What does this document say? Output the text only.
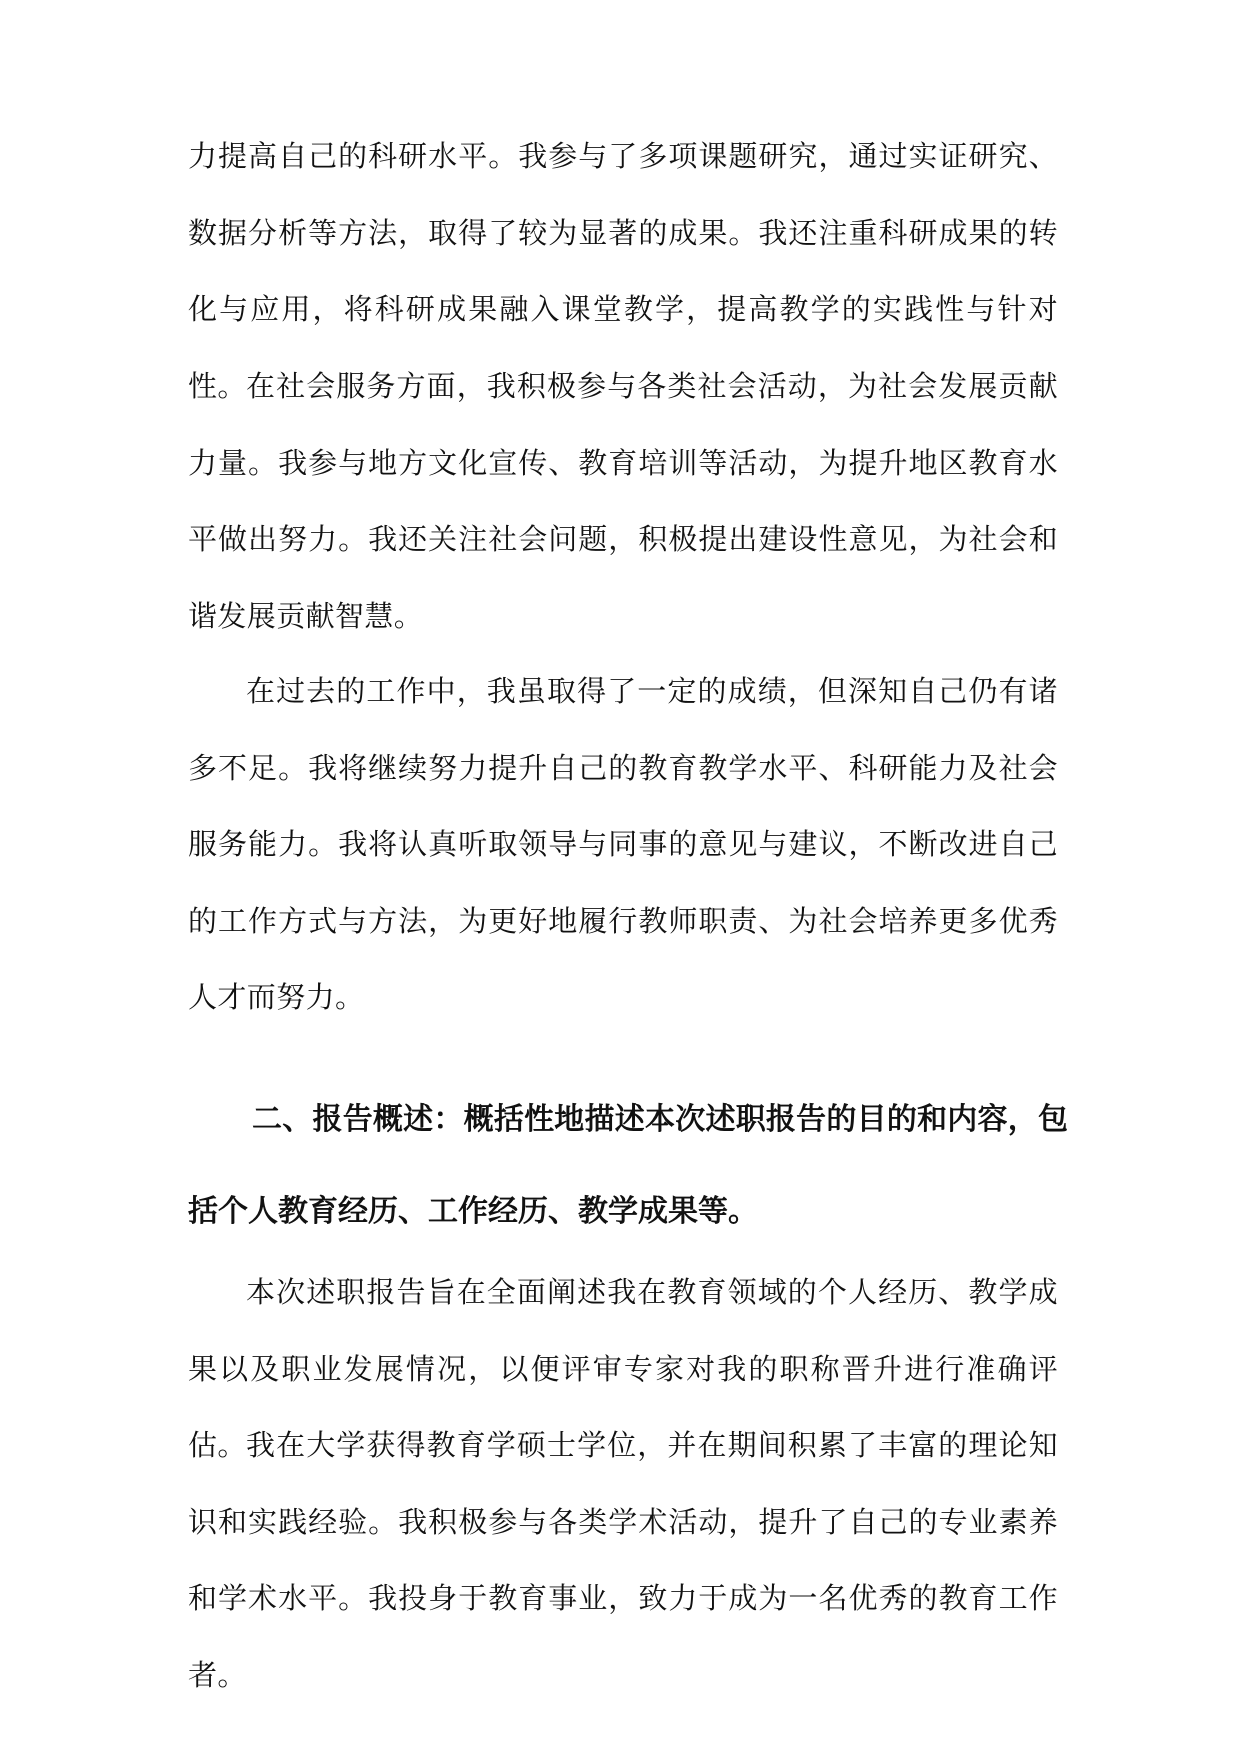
力提高自己的科研水平。我参与了多项课题研究，通过实证研究、数据分析等方法，取得了较为显著的成果。我还注重科研成果的转化与应用，将科研成果融入课堂教学，提高教学的实践性与针对性。 在社会服务方面，我积极参与各类社会活动，为社会发展贡献力量。我参与地方文化宣传、教育培训等活动，为提升地区教育水平做出努力。我还关注社会问题，积极提出建设性意见，为社会和谐发展贡献智慧。

在过去的工作中，我虽取得了一定的成绩，但深知自己仍有诸多不足。我将继续努力提升自己的教育教学水平、科研能力及社会服务能力。我将认真听取领导与同事的意见与建议，不断改进自己的工作方式与方法，为更好地履行教师职责、为社会培养更多优秀人才而努力。

二、报告概述：概括性地描述本次述职报告的目的和内容，包括个人教育经历、工作经历、教学成果等。

本次述职报告旨在全面阐述我在教育领域的个人经历、教学成果以及职业发展情况，以便评审专家对我的职称晋升进行准确评估。 我在大学获得教育学硕士学位，并在期间积累了丰富的理论知识和实践经验。我积极参与各类学术活动，提升了自己的专业素养和学术水平。我投身于教育事业，致力于成为一名优秀的教育工作者。
